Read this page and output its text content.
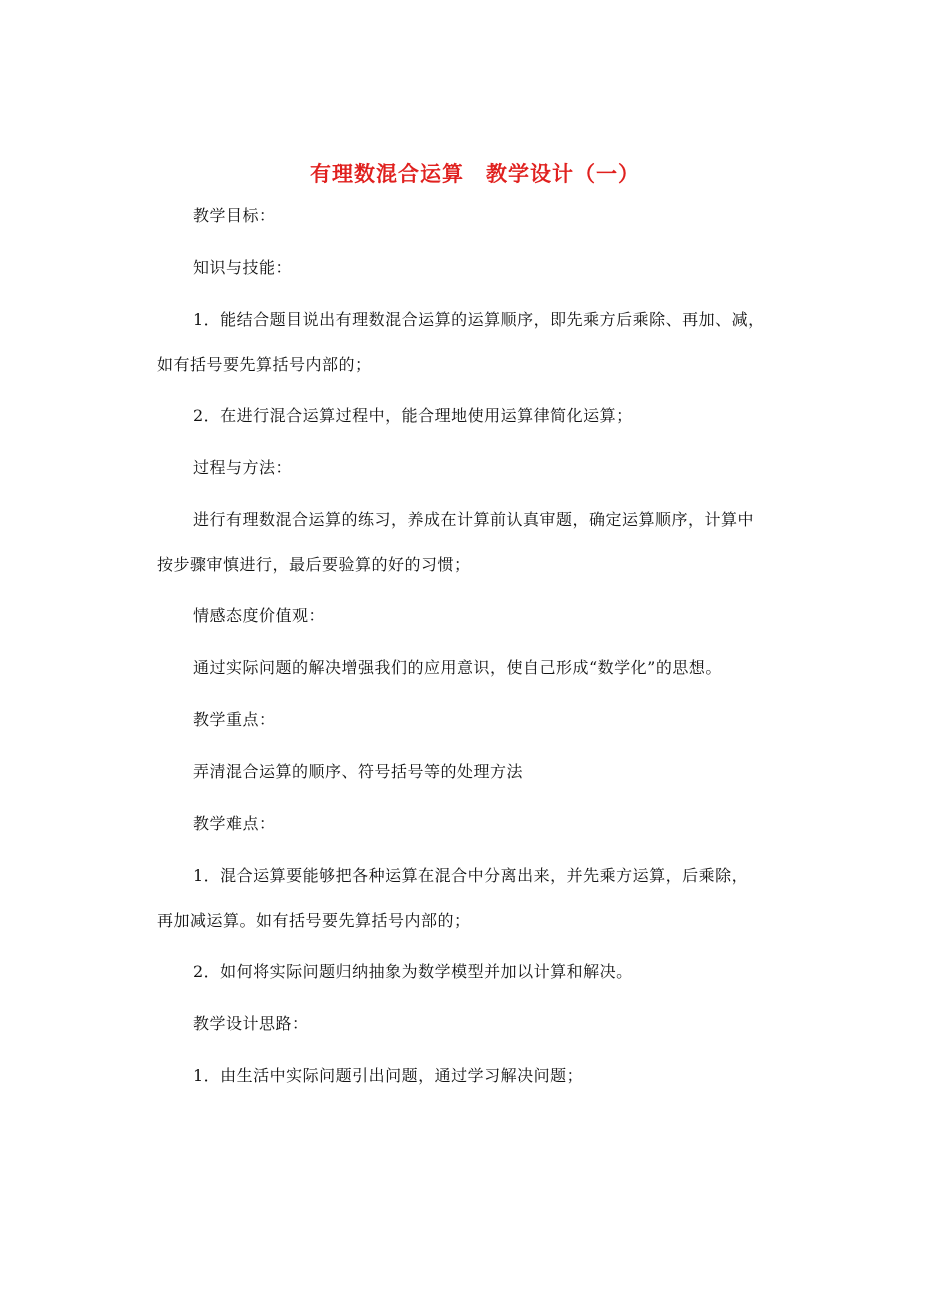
有理数混合运算　教学设计（一）
教学目标：
知识与技能：
1．能结合题目说出有理数混合运算的运算顺序，即先乘方后乘除、再加、减，
如有括号要先算括号内部的；
2．在进行混合运算过程中，能合理地使用运算律简化运算；
过程与方法：
进行有理数混合运算的练习，养成在计算前认真审题，确定运算顺序，计算中
按步骤审慎进行，最后要验算的好的习惯；
情感态度价值观：
通过实际问题的解决增强我们的应用意识，使自己形成“数学化”的思想。
教学重点：
弄清混合运算的顺序、符号括号等的处理方法
教学难点：
1．混合运算要能够把各种运算在混合中分离出来，并先乘方运算，后乘除，
再加减运算。如有括号要先算括号内部的；
2．如何将实际问题归纳抽象为数学模型并加以计算和解决。
教学设计思路：
1．由生活中实际问题引出问题，通过学习解决问题；
